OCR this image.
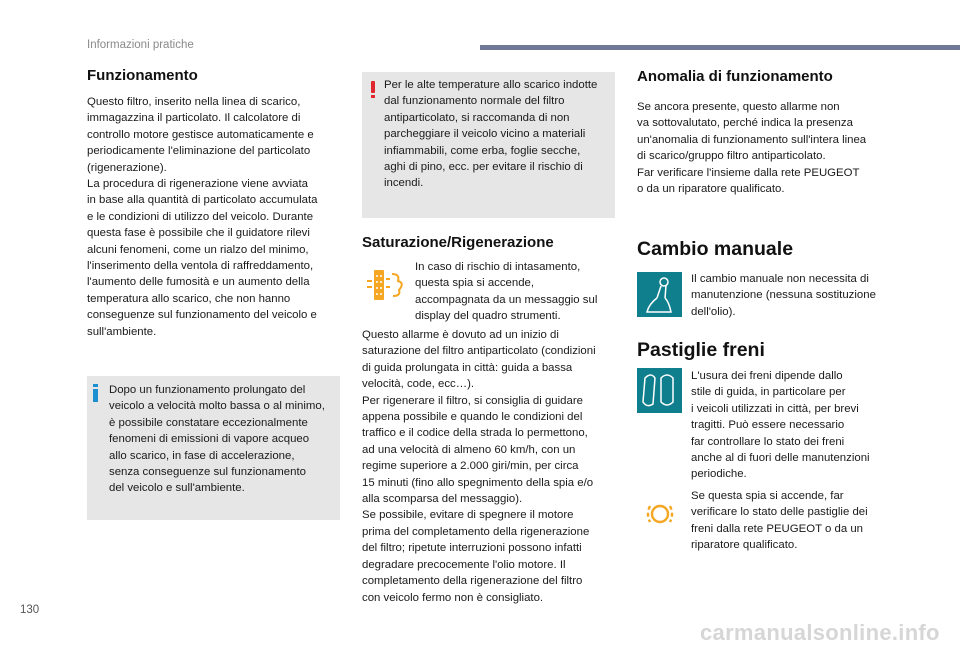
Informazioni pratiche
130
carmanualsonline.info
Funzionamento
Questo filtro, inserito nella linea di scarico,
immagazzina il particolato. Il calcolatore di
controllo motore gestisce automaticamente e
periodicamente l'eliminazione del particolato
(rigenerazione).
La procedura di rigenerazione viene avviata
in base alla quantità di particolato accumulata
e le condizioni di utilizzo del veicolo. Durante
questa fase è possibile che il guidatore rilevi
alcuni fenomeni, come un rialzo del minimo,
l'inserimento della ventola di raffreddamento,
l'aumento delle fumosità e un aumento della
temperatura allo scarico, che non hanno
conseguenze sul funzionamento del veicolo e
sull'ambiente.
Dopo un funzionamento prolungato del
veicolo a velocità molto bassa o al minimo,
è possibile constatare eccezionalmente
fenomeni di emissioni di vapore acqueo
allo scarico, in fase di accelerazione,
senza conseguenze sul funzionamento
del veicolo e sull'ambiente.
Per le alte temperature allo scarico indotte
dal funzionamento normale del filtro
antiparticolato, si raccomanda di non
parcheggiare il veicolo vicino a materiali
infiammabili, come erba, foglie secche,
aghi di pino, ecc. per evitare il rischio di
incendi.
Saturazione/Rigenerazione
In caso di rischio di intasamento,
questa spia si accende,
accompagnata da un messaggio sul
display del quadro strumenti.
Questo allarme è dovuto ad un inizio di
saturazione del filtro antiparticolato (condizioni
di guida prolungata in città: guida a bassa
velocità, code, ecc…).
Per rigenerare il filtro, si consiglia di guidare
appena possibile e quando le condizioni del
traffico e il codice della strada lo permettono,
ad una velocità di almeno 60 km/h, con un
regime superiore a 2.000 giri/min, per circa
15 minuti (fino allo spegnimento della spia e/o
alla scomparsa del messaggio).
Se possibile, evitare di spegnere il motore
prima del completamento della rigenerazione
del filtro; ripetute interruzioni possono infatti
degradare precocemente l'olio motore. Il
completamento della rigenerazione del filtro
con veicolo fermo non è consigliato.
Anomalia di funzionamento
Se ancora presente, questo allarme non
va sottovalutato, perché indica la presenza
un'anomalia di funzionamento sull'intera linea
di scarico/gruppo filtro antiparticolato.
Far verificare l'insieme dalla rete PEUGEOT
o da un riparatore qualificato.
Cambio manuale
Il cambio manuale non necessita di
manutenzione (nessuna sostituzione
dell'olio).
Pastiglie freni
L'usura dei freni dipende dallo
stile di guida, in particolare per
i veicoli utilizzati in città, per brevi
tragitti. Può essere necessario
far controllare lo stato dei freni
anche al di fuori delle manutenzioni
periodiche.
Se questa spia si accende, far
verificare lo stato delle pastiglie dei
freni dalla rete PEUGEOT o da un
riparatore qualificato.
